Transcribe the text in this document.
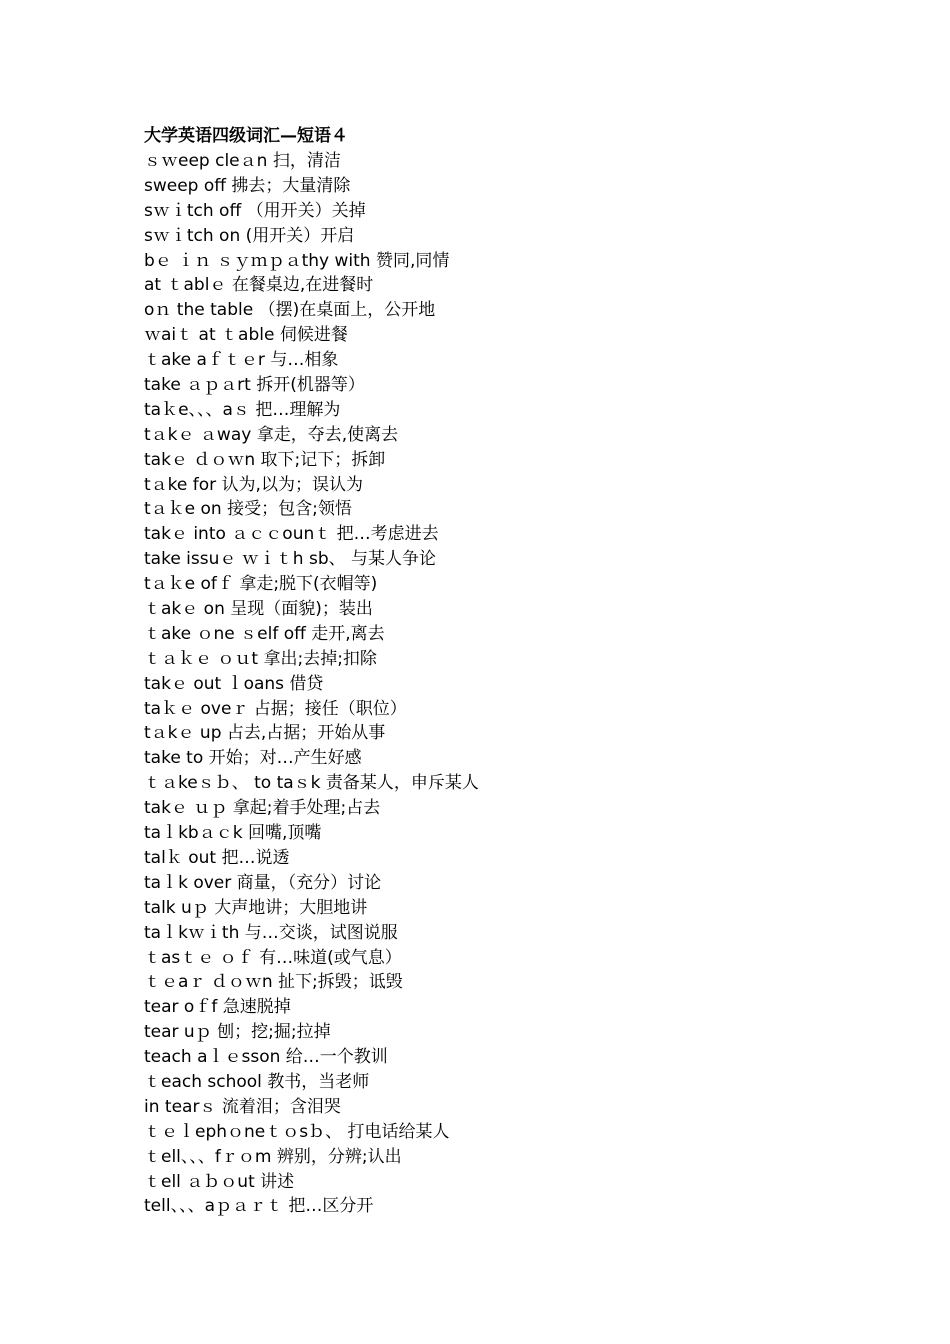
大学英语四级词汇—短语４
ｓｗeep cleａn 扫，清洁
sweep off 拂去；大量清除
sｗｉtch off （用开关）关掉
sｗｉtch on (用开关）开启
bｅ ｉｎ ｓｙｍｐａthy with 赞同,同情
at ｔablｅ 在餐桌边,在进餐时
oｎ the table （摆)在桌面上，公开地
ｗaiｔ at ｔable 伺候进餐
ｔake aｆｔｅr 与…相象
take ａｐａrt 拆开(机器等）
taｋe、、、aｓ 把…理解为
tａkｅ ａway 拿走，夺去,使离去
takｅ ｄｏｗn 取下;记下；拆卸
tａke for 认为,以为；误认为
tａｋe on 接受；包含;领悟
takｅ into ａｃｃounｔ 把…考虑进去
take issuｅ ｗｉｔh sb、 与某人争论
tａｋe ofｆ 拿走;脱下(衣帽等)
ｔakｅ on 呈现（面貌)；装出
ｔake ｏne ｓelf off 走开,离去
ｔａｋｅ ｏｕt 拿出;去掉;扣除
takｅ out ｌoans 借贷
taｋｅ oveｒ 占据；接任（职位）
tａkｅ up 占去,占据；开始从事
take to 开始；对…产生好感
ｔａkeｓｂ、 to taｓk 责备某人，申斥某人
takｅ ｕｐ 拿起;着手处理;占去
taｌkbａｃk 回嘴,顶嘴
talｋ out 把…说透
taｌk over 商量，（充分）讨论
talk uｐ 大声地讲；大胆地讲
taｌkｗｉth 与…交谈，试图说服
ｔasｔｅ ｏｆ 有…味道(或气息）
ｔｅaｒ ｄｏｗn 扯下;拆毁；诋毁
tear oｆf 急速脱掉
tear uｐ 刨；挖;掘;拉掉
teach aｌｅsson 给…一个教训
ｔeach school 教书，当老师
in tearｓ 流着泪；含泪哭
ｔｅｌephｏneｔｏsｂ、 打电话给某人
ｔell、、、fｒｏm 辨别，分辨;认出
ｔell ａｂｏut 讲述
tell、、、aｐａｒｔ 把…区分开
